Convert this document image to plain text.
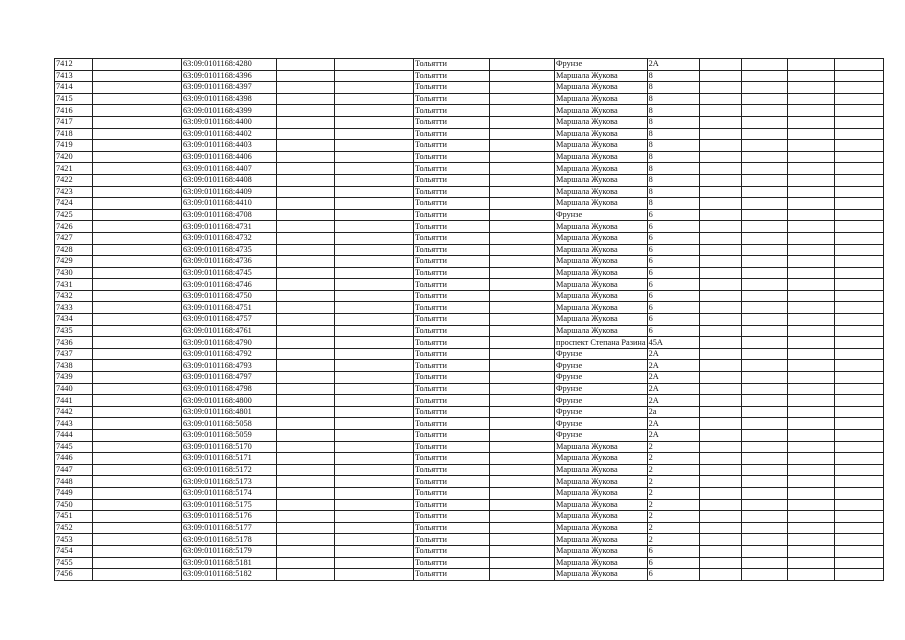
7412		63:09:0101168:4280			Тольятти		Фрунзе	2А				
7413		63:09:0101168:4396			Тольятти		Маршала Жукова	8				
7414		63:09:0101168:4397			Тольятти		Маршала Жукова	8				
7415		63:09:0101168:4398			Тольятти		Маршала Жукова	8				
7416		63:09:0101168:4399			Тольятти		Маршала Жукова	8				
7417		63:09:0101168:4400			Тольятти		Маршала Жукова	8				
7418		63:09:0101168:4402			Тольятти		Маршала Жукова	8				
7419		63:09:0101168:4403			Тольятти		Маршала Жукова	8				
7420		63:09:0101168:4406			Тольятти		Маршала Жукова	8				
7421		63:09:0101168:4407			Тольятти		Маршала Жукова	8				
7422		63:09:0101168:4408			Тольятти		Маршала Жукова	8				
7423		63:09:0101168:4409			Тольятти		Маршала Жукова	8				
7424		63:09:0101168:4410			Тольятти		Маршала Жукова	8				
7425		63:09:0101168:4708			Тольятти		Фрунзе	6				
7426		63:09:0101168:4731			Тольятти		Маршала Жукова	6				
7427		63:09:0101168:4732			Тольятти		Маршала Жукова	6				
7428		63:09:0101168:4735			Тольятти		Маршала Жукова	6				
7429		63:09:0101168:4736			Тольятти		Маршала Жукова	6				
7430		63:09:0101168:4745			Тольятти		Маршала Жукова	6				
7431		63:09:0101168:4746			Тольятти		Маршала Жукова	6				
7432		63:09:0101168:4750			Тольятти		Маршала Жукова	6				
7433		63:09:0101168:4751			Тольятти		Маршала Жукова	6				
7434		63:09:0101168:4757			Тольятти		Маршала Жукова	6				
7435		63:09:0101168:4761			Тольятти		Маршала Жукова	6				
7436		63:09:0101168:4790			Тольятти		проспект Степана Разина	45А				
7437		63:09:0101168:4792			Тольятти		Фрунзе	2А				
7438		63:09:0101168:4793			Тольятти		Фрунзе	2А				
7439		63:09:0101168:4797			Тольятти		Фрунзе	2А				
7440		63:09:0101168:4798			Тольятти		Фрунзе	2А				
7441		63:09:0101168:4800			Тольятти		Фрунзе	2А				
7442		63:09:0101168:4801			Тольятти		Фрунзе	2а				
7443		63:09:0101168:5058			Тольятти		Фрунзе	2А				
7444		63:09:0101168:5059			Тольятти		Фрунзе	2А				
7445		63:09:0101168:5170			Тольятти		Маршала Жукова	2				
7446		63:09:0101168:5171			Тольятти		Маршала Жукова	2				
7447		63:09:0101168:5172			Тольятти		Маршала Жукова	2				
7448		63:09:0101168:5173			Тольятти		Маршала Жукова	2				
7449		63:09:0101168:5174			Тольятти		Маршала Жукова	2				
7450		63:09:0101168:5175			Тольятти		Маршала Жукова	2				
7451		63:09:0101168:5176			Тольятти		Маршала Жукова	2				
7452		63:09:0101168:5177			Тольятти		Маршала Жукова	2				
7453		63:09:0101168:5178			Тольятти		Маршала Жукова	2				
7454		63:09:0101168:5179			Тольятти		Маршала Жукова	6				
7455		63:09:0101168:5181			Тольятти		Маршала Жукова	6				
7456		63:09:0101168:5182			Тольятти		Маршала Жукова	6				
